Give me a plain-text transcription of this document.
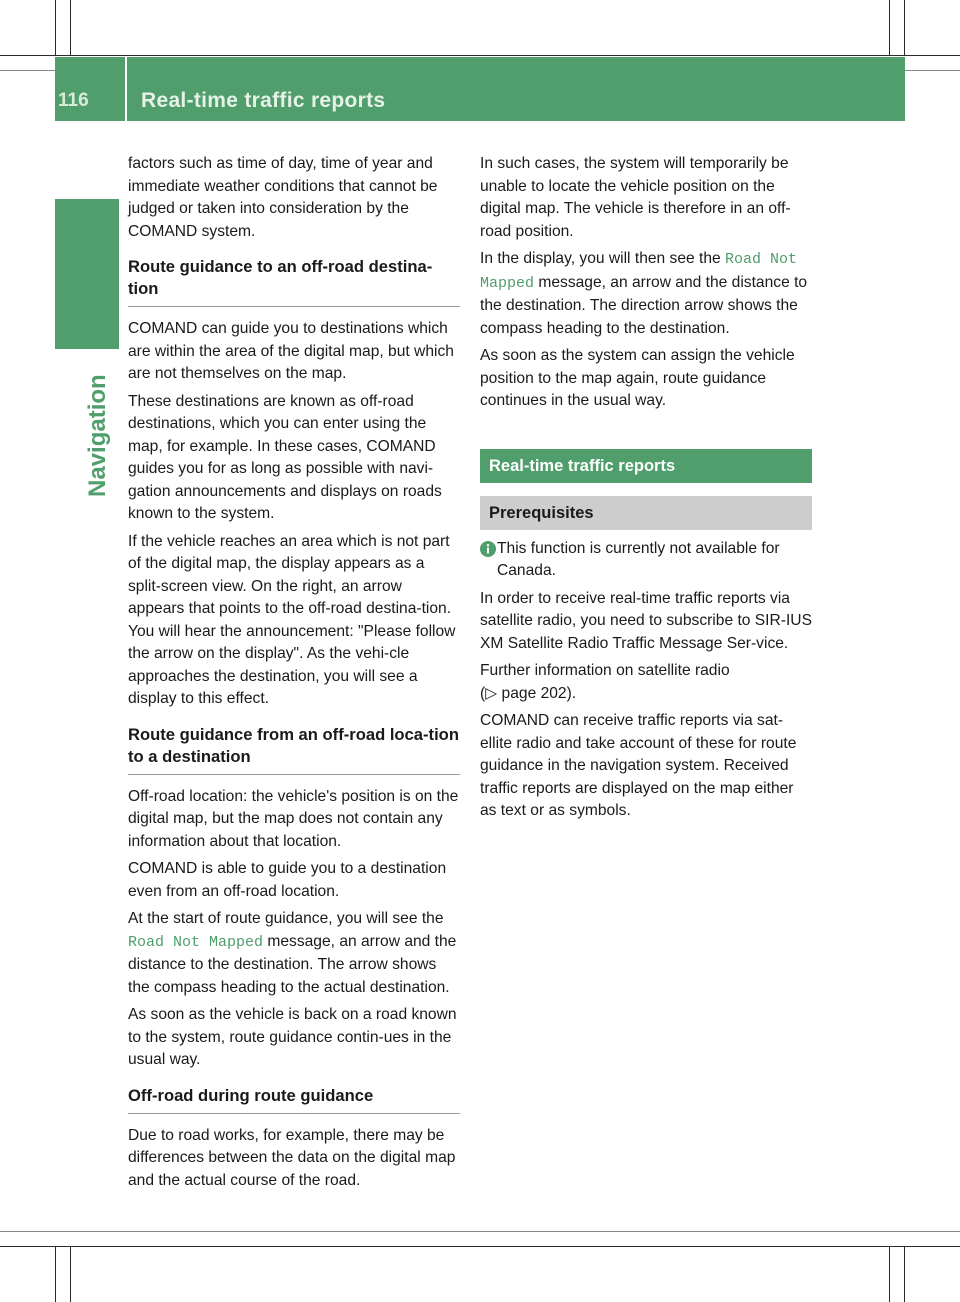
116 Real-time traffic reports
Navigation

factors such as time of day, time of year and immediate weather conditions that cannot be judged or taken into consideration by the COMAND system.

Route guidance to an off-road destina-tion

COMAND can guide you to destinations which are within the area of the digital map, but which are not themselves on the map.

These destinations are known as off-road destinations, which you can enter using the map, for example. In these cases, COMAND guides you for as long as possible with navi-gation announcements and displays on roads known to the system.

If the vehicle reaches an area which is not part of the digital map, the display appears as a split-screen view. On the right, an arrow appears that points to the off-road destina-tion. You will hear the announcement: "Please follow the arrow on the display". As the vehi-cle approaches the destination, you will see a display to this effect.

Route guidance from an off-road loca-tion to a destination

Off-road location: the vehicle's position is on the digital map, but the map does not contain any information about that location.

COMAND is able to guide you to a destination even from an off-road location.

At the start of route guidance, you will see the Road Not Mapped message, an arrow and the distance to the destination. The arrow shows the compass heading to the actual destination.

As soon as the vehicle is back on a road known to the system, route guidance contin-ues in the usual way.

Off-road during route guidance

Due to road works, for example, there may be differences between the data on the digital map and the actual course of the road.

In such cases, the system will temporarily be unable to locate the vehicle position on the digital map. The vehicle is therefore in an off-road position.

In the display, you will then see the Road Not Mapped message, an arrow and the distance to the destination. The direction arrow shows the compass heading to the destination.

As soon as the system can assign the vehicle position to the map again, route guidance continues in the usual way.

Real-time traffic reports
Prerequisites

This function is currently not available for Canada.

In order to receive real-time traffic reports via satellite radio, you need to subscribe to SIR-IUS XM Satellite Radio Traffic Message Ser-vice.

Further information on satellite radio
(▷ page 202).

COMAND can receive traffic reports via sat-ellite radio and take account of these for route guidance in the navigation system. Received traffic reports are displayed on the map either as text or as symbols.
